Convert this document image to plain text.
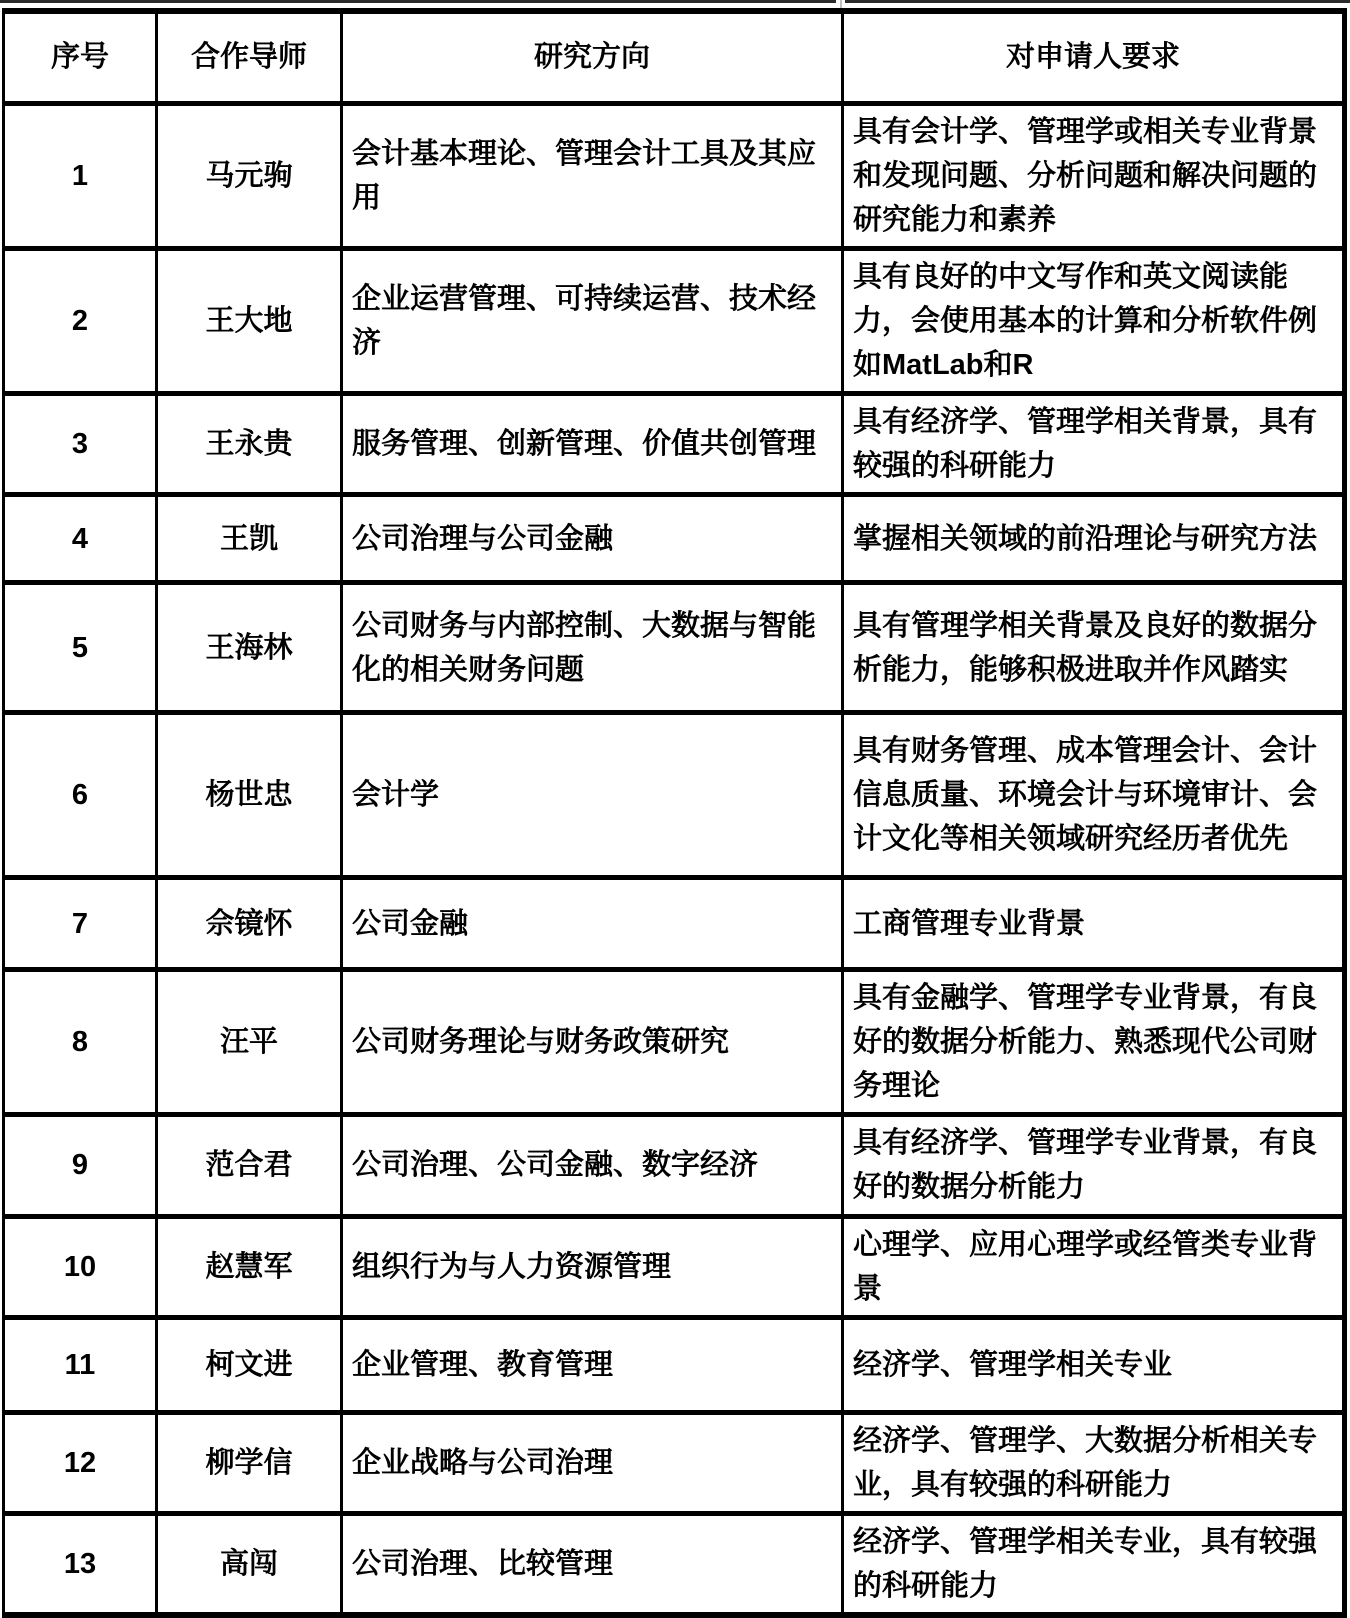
序号	合作导师	研究方向	对申请人要求
1	马元驹	会计基本理论、管理会计工具及其应用	具有会计学、管理学或相关专业背景和发现问题、分析问题和解决问题的研究能力和素养
2	王大地	企业运营管理、可持续运营、技术经济	具有良好的中文写作和英文阅读能力，会使用基本的计算和分析软件例如MatLab和R
3	王永贵	服务管理、创新管理、价值共创管理	具有经济学、管理学相关背景，具有较强的科研能力
4	王凯	公司治理与公司金融	掌握相关领域的前沿理论与研究方法
5	王海林	公司财务与内部控制、大数据与智能化的相关财务问题	具有管理学相关背景及良好的数据分析能力，能够积极进取并作风踏实
6	杨世忠	会计学	具有财务管理、成本管理会计、会计信息质量、环境会计与环境审计、会计文化等相关领域研究经历者优先
7	佘镜怀	公司金融	工商管理专业背景
8	汪平	公司财务理论与财务政策研究	具有金融学、管理学专业背景，有良好的数据分析能力、熟悉现代公司财务理论
9	范合君	公司治理、公司金融、数字经济	具有经济学、管理学专业背景，有良好的数据分析能力
10	赵慧军	组织行为与人力资源管理	心理学、应用心理学或经管类专业背景
11	柯文进	企业管理、教育管理	经济学、管理学相关专业
12	柳学信	企业战略与公司治理	经济学、管理学、大数据分析相关专业，具有较强的科研能力
13	高闯	公司治理、比较管理	经济学、管理学相关专业，具有较强的科研能力
